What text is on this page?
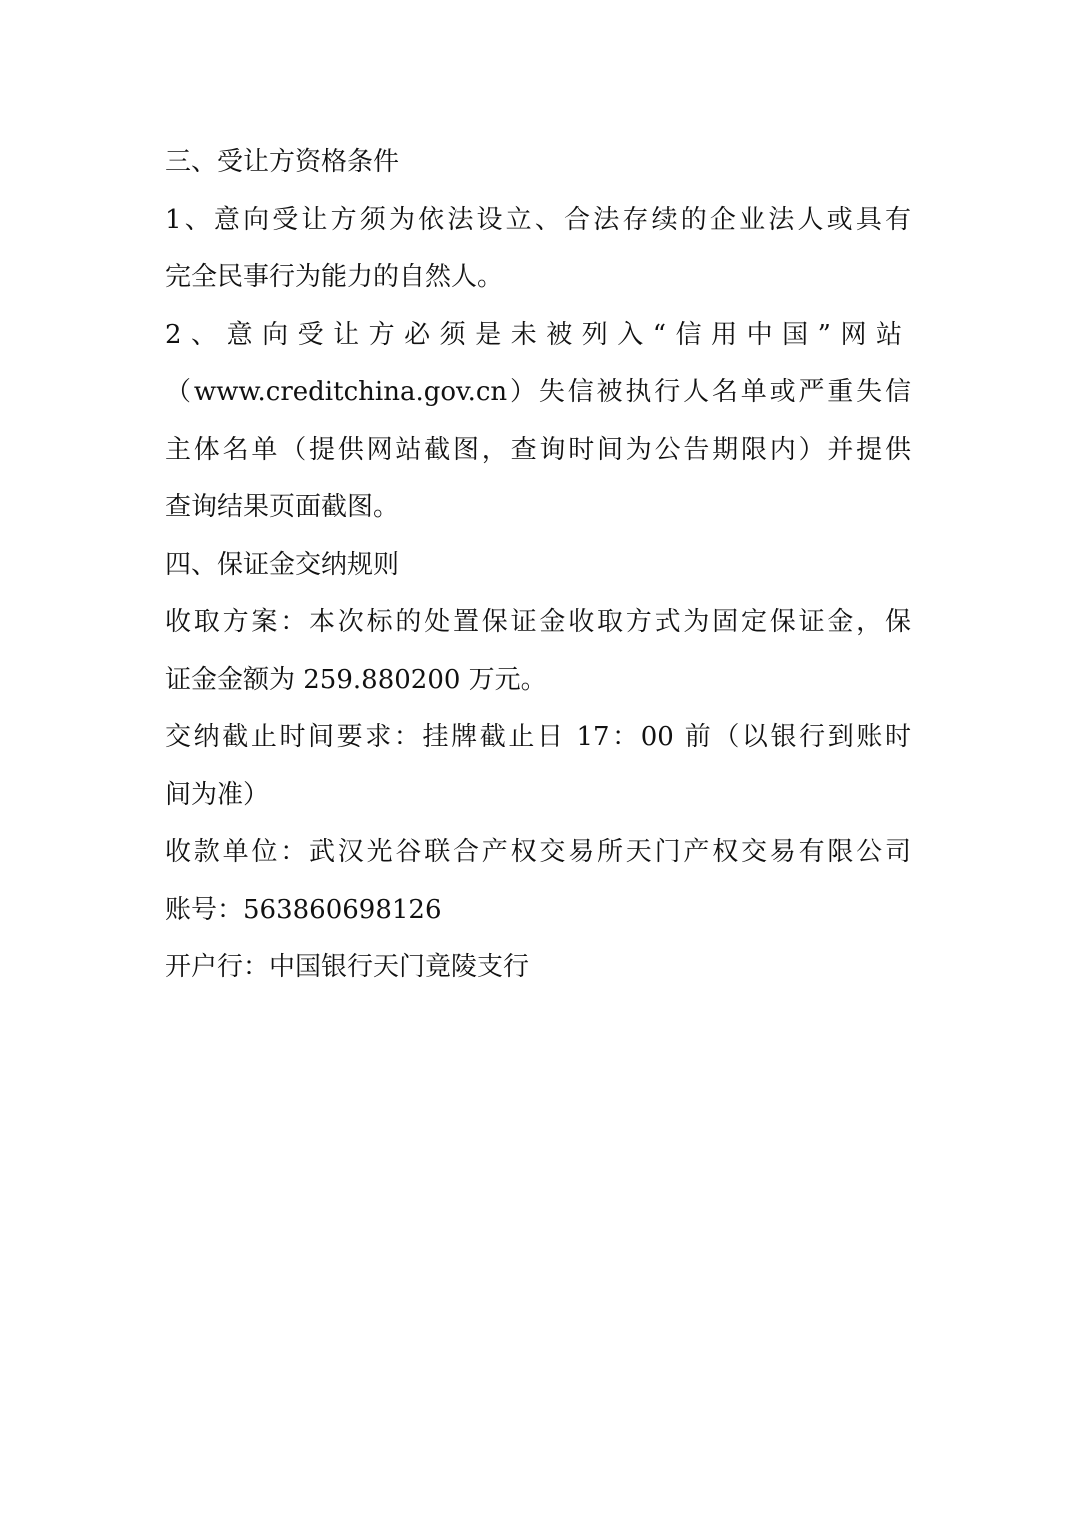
三、受让方资格条件
1、意向受让方须为依法设立、合法存续的企业法人或具有
完全民事行为能力的自然人。
2、意向受让方必须是未被列入“信用中国”网站
（www.creditchina.gov.cn）失信被执行人名单或严重失信
主体名单（提供网站截图，查询时间为公告期限内）并提供
查询结果页面截图。
四、保证金交纳规则
收取方案：本次标的处置保证金收取方式为固定保证金，保
证金金额为 259.880200 万元。
交纳截止时间要求：挂牌截止日 17：00 前（以银行到账时
间为准）
收款单位：武汉光谷联合产权交易所天门产权交易有限公司
账号：563860698126
开户行：中国银行天门竟陵支行
